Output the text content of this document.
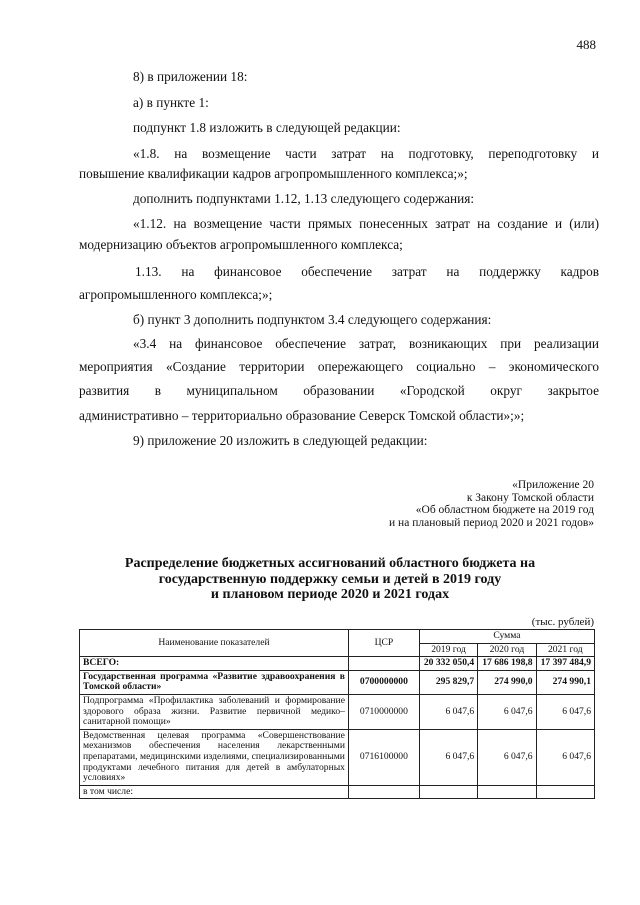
488
8) в приложении 18:
а) в пункте 1:
подпункт 1.8 изложить в следующей редакции:
«1.8. на возмещение части затрат на подготовку, переподготовку и
повышение квалификации кадров агропромышленного комплекса;»;
дополнить подпунктами 1.12, 1.13 следующего содержания:
«1.12. на возмещение части прямых понесенных затрат на создание и (или)
модернизацию объектов агропромышленного комплекса;
1.13. на финансовое обеспечение затрат на поддержку кадров
агропромышленного комплекса;»;
б) пункт 3 дополнить подпунктом 3.4 следующего содержания:
«3.4 на финансовое обеспечение затрат, возникающих при реализации
мероприятия «Создание территории опережающего социально – экономического
развития в муниципальном образовании «Городской округ закрытое
административно – территориально образование Северск Томской области»;»;
9) приложение 20 изложить в следующей редакции:
«Приложение 20
к Закону Томской области
«Об областном бюджете на 2019 год
и на плановый период 2020 и 2021 годов»
Распределение бюджетных ассигнований областного бюджета на
государственную поддержку семьи и детей в 2019 году
и плановом периоде 2020 и 2021 годах
(тыс. рублей)
Наименование показателей	ЦСР	Сумма		
		2019 год	2020 год	2021 год
ВСЕГО:		20 332 050,4	17 686 198,8	17 397 484,9
Государственная программа «Развитие здравоохранения в Томской области»	0700000000	295 829,7	274 990,0	274 990,1
Подпрограмма «Профилактика заболеваний и формирование здорового образа жизни. Развитие первичной медико–санитарной помощи»	0710000000	6 047,6	6 047,6	6 047,6
Ведомственная целевая программа «Совершенствование механизмов обеспечения населения лекарственными препаратами, медицинскими изделиями, специализированными продуктами лечебного питания для детей в амбулаторных условиях»	0716100000	6 047,6	6 047,6	6 047,6
в том числе:				
